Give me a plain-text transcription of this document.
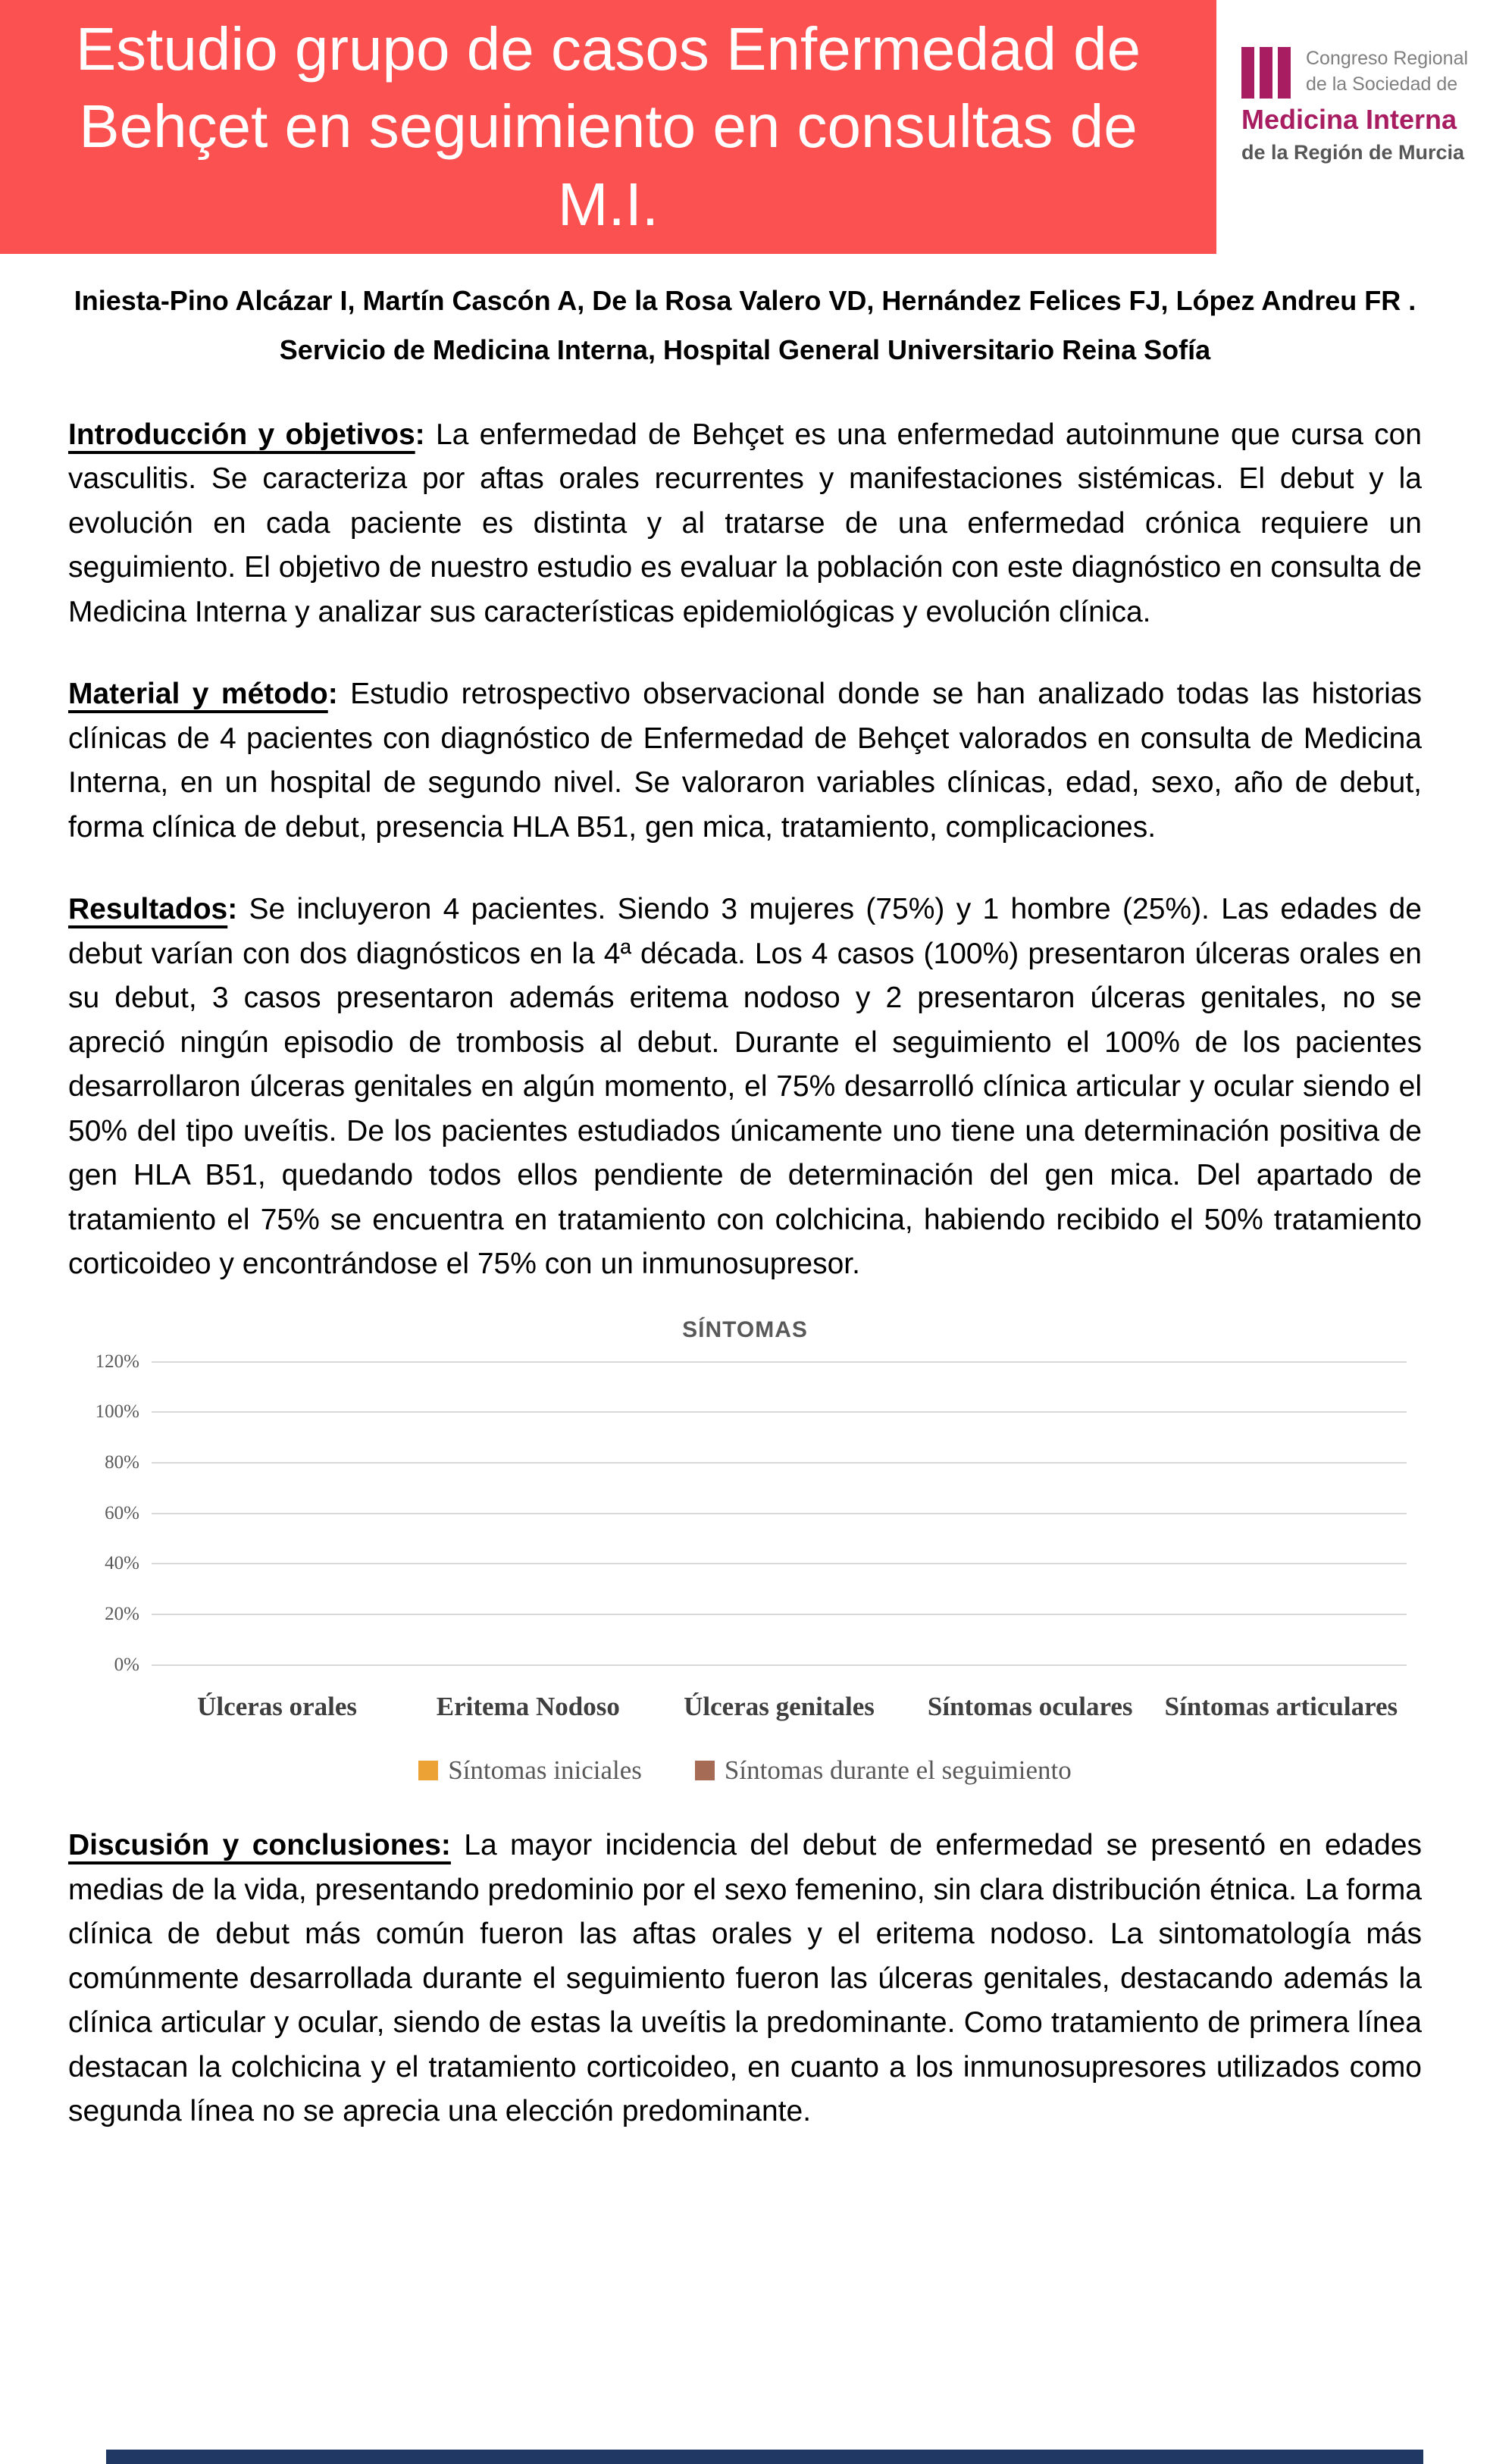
Estudio grupo de casos Enfermedad de Behçet en seguimiento en consultas de M.I.
Congreso Regional
de la Sociedad de
Medicina Interna
de la Región de Murcia

Iniesta-Pino Alcázar I, Martín Cascón A, De la Rosa Valero VD, Hernández Felices FJ, López Andreu FR .

Servicio de Medicina Interna, Hospital General Universitario Reina Sofía

Introducción y objetivos: La enfermedad de Behçet es una enfermedad autoinmune que cursa con vasculitis. Se caracteriza por aftas orales recurrentes y manifestaciones sistémicas. El debut y la evolución en cada paciente es distinta y al tratarse de una enfermedad crónica requiere un seguimiento. El objetivo de nuestro estudio es evaluar la población con este diagnóstico en consulta de Medicina Interna y analizar sus características epidemiológicas y evolución clínica.

Material y método: Estudio retrospectivo observacional donde se han analizado todas las historias clínicas de 4 pacientes con diagnóstico de Enfermedad de Behçet valorados en consulta de Medicina Interna, en un hospital de segundo nivel. Se valoraron variables clínicas, edad, sexo, año de debut, forma clínica de debut, presencia HLA B51, gen mica, tratamiento, complicaciones.

Resultados: Se incluyeron 4 pacientes. Siendo 3 mujeres (75%) y 1 hombre (25%). Las edades de debut varían con dos diagnósticos en la 4ª década. Los 4 casos (100%) presentaron úlceras orales en su debut, 3 casos presentaron además eritema nodoso y 2 presentaron úlceras genitales, no se apreció ningún episodio de trombosis al debut. Durante el seguimiento el 100% de los pacientes desarrollaron úlceras genitales en algún momento, el 75% desarrolló clínica articular y ocular siendo el 50% del tipo uveítis. De los pacientes estudiados únicamente uno tiene una determinación positiva de gen HLA B51, quedando todos ellos pendiente de determinación del gen mica. Del apartado de tratamiento el 75% se encuentra en tratamiento con colchicina, habiendo recibido el 50% tratamiento corticoideo y encontrándose el 75% con un inmunosupresor.

SÍNTOMAS
0%
20%
40%
60%
80%
100%
120%
Úlceras orales	Eritema Nodoso	Úlceras genitales	Síntomas oculares	Síntomas articulares
Síntomas iniciales	Síntomas durante el seguimiento

Discusión y conclusiones: La mayor incidencia del debut de enfermedad se presentó en edades medias de la vida, presentando predominio por el sexo femenino, sin clara distribución étnica. La forma clínica de debut más común fueron las aftas orales y el eritema nodoso. La sintomatología más comúnmente desarrollada durante el seguimiento fueron las úlceras genitales, destacando además la clínica articular y ocular, siendo de estas la uveítis la predominante. Como tratamiento de primera línea destacan la colchicina y el tratamiento corticoideo, en cuanto a los inmunosupresores utilizados como segunda línea no se aprecia una elección predominante.
